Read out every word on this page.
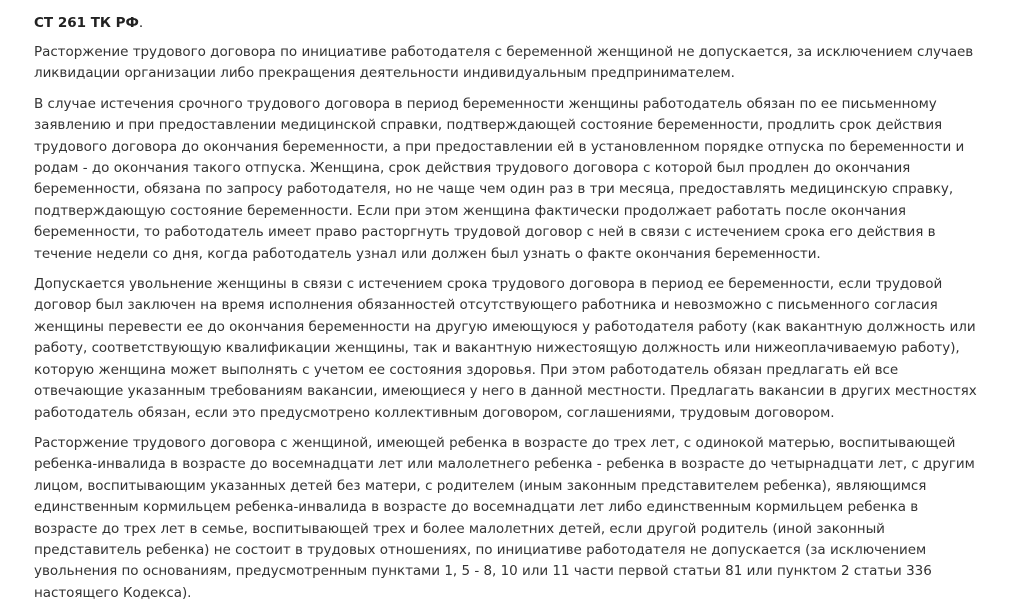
СТ 261 ТК РФ.

Расторжение трудового договора по инициативе работодателя с беременной женщиной не допускается, за исключением случаев ликвидации организации либо прекращения деятельности индивидуальным предпринимателем.

В случае истечения срочного трудового договора в период беременности женщины работодатель обязан по ее письменному заявлению и при предоставлении медицинской справки, подтверждающей состояние беременности, продлить срок действия трудового договора до окончания беременности, а при предоставлении ей в установленном порядке отпуска по беременности и родам - до окончания такого отпуска. Женщина, срок действия трудового договора с которой был продлен до окончания беременности, обязана по запросу работодателя, но не чаще чем один раз в три месяца, предоставлять медицинскую справку, подтверждающую состояние беременности. Если при этом женщина фактически продолжает работать после окончания беременности, то работодатель имеет право расторгнуть трудовой договор с ней в связи с истечением срока его действия в течение недели со дня, когда работодатель узнал или должен был узнать о факте окончания беременности.

Допускается увольнение женщины в связи с истечением срока трудового договора в период ее беременности, если трудовой договор был заключен на время исполнения обязанностей отсутствующего работника и невозможно с письменного согласия женщины перевести ее до окончания беременности на другую имеющуюся у работодателя работу (как вакантную должность или работу, соответствующую квалификации женщины, так и вакантную нижестоящую должность или нижеоплачиваемую работу), которую женщина может выполнять с учетом ее состояния здоровья. При этом работодатель обязан предлагать ей все отвечающие указанным требованиям вакансии, имеющиеся у него в данной местности. Предлагать вакансии в других местностях работодатель обязан, если это предусмотрено коллективным договором, соглашениями, трудовым договором.

Расторжение трудового договора с женщиной, имеющей ребенка в возрасте до трех лет, с одинокой матерью, воспитывающей ребенка-инвалида в возрасте до восемнадцати лет или малолетнего ребенка - ребенка в возрасте до четырнадцати лет, с другим лицом, воспитывающим указанных детей без матери, с родителем (иным законным представителем ребенка), являющимся единственным кормильцем ребенка-инвалида в возрасте до восемнадцати лет либо единственным кормильцем ребенка в возрасте до трех лет в семье, воспитывающей трех и более малолетних детей, если другой родитель (иной законный представитель ребенка) не состоит в трудовых отношениях, по инициативе работодателя не допускается (за исключением увольнения по основаниям, предусмотренным пунктами 1, 5 - 8, 10 или 11 части первой статьи 81 или пунктом 2 статьи 336 настоящего Кодекса).
